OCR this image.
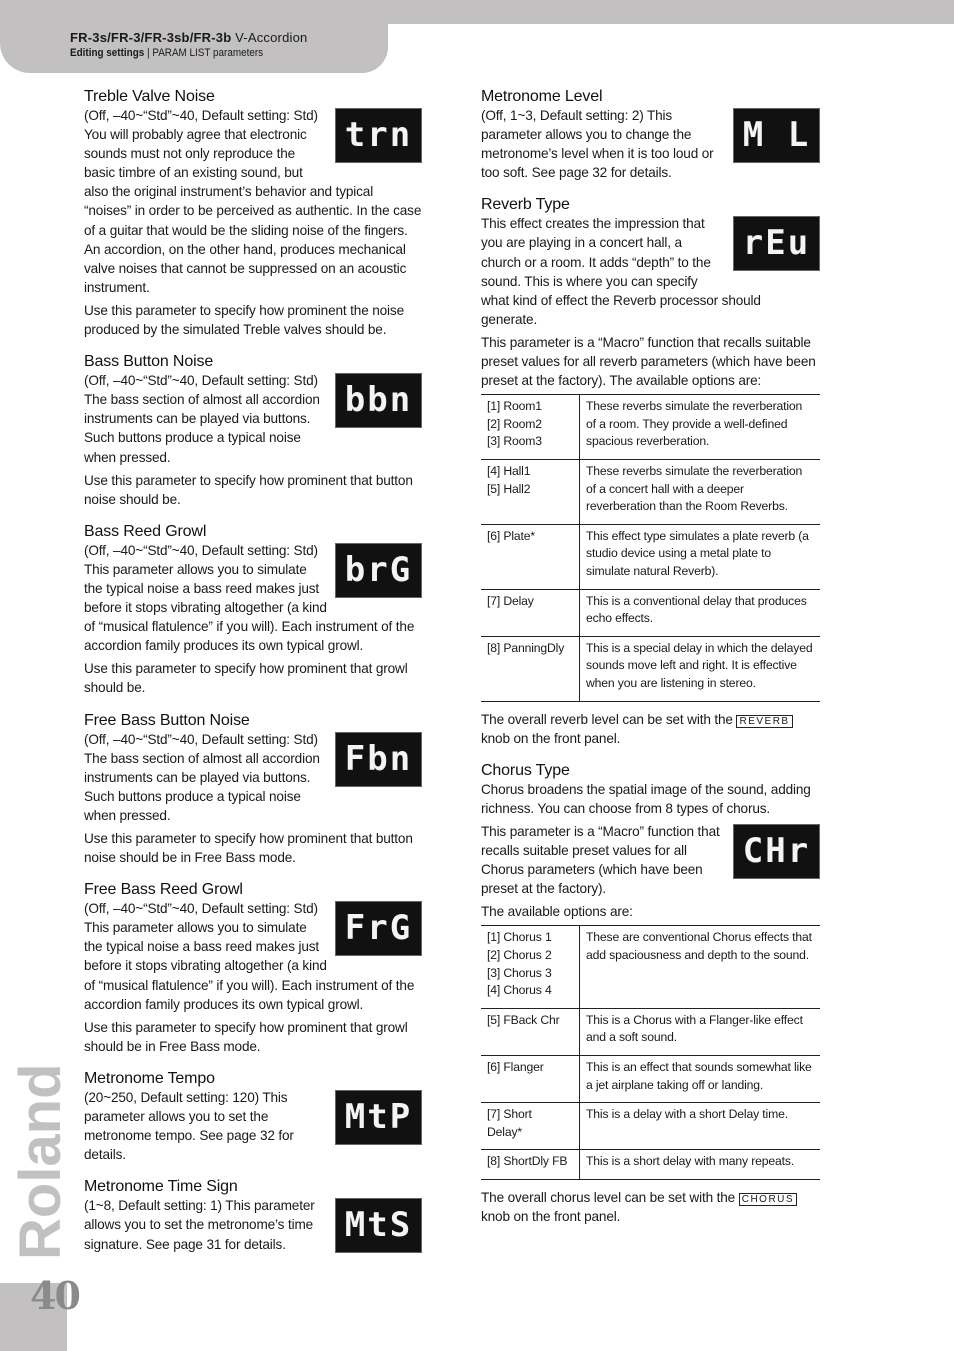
FR-3s/FR-3/FR-3sb/FR-3b V-Accordion
Editing settings | PARAM LIST parameters
Roland
40
Treble Valve Noise
trn

(Off, –40~“Std”~40, Default setting: Std) You will probably agree that electronic sounds must not only reproduce the basic timbre of an existing sound, but also the original instrument’s behavior and typical “noises” in order to be perceived as authentic. In the case of a guitar that would be the sliding noise of the fingers. An accordion, on the other hand, produces mechanical valve noises that cannot be suppressed on an acoustic instrument.

Use this parameter to specify how prominent the noise produced by the simulated Treble valves should be.

Bass Button Noise
bbn

(Off, –40~“Std”~40, Default setting: Std) The bass section of almost all accordion instruments can be played via buttons. Such buttons produce a typical noise when pressed.

Use this parameter to specify how prominent that button noise should be.

Bass Reed Growl
brG

(Off, –40~“Std”~40, Default setting: Std) This parameter allows you to simulate the typical noise a bass reed makes just before it stops vibrating altogether (a kind of “musical flatulence” if you will). Each instrument of the accordion family produces its own typical growl.

Use this parameter to specify how prominent that growl should be.

Free Bass Button Noise
Fbn

(Off, –40~“Std”~40, Default setting: Std) The bass section of almost all accordion instruments can be played via buttons. Such buttons produce a typical noise when pressed.

Use this parameter to specify how prominent that button noise should be in Free Bass mode.

Free Bass Reed Growl
FrG

(Off, –40~“Std”~40, Default setting: Std) This parameter allows you to simulate the typical noise a bass reed makes just before it stops vibrating altogether (a kind of “musical flatulence” if you will). Each instrument of the accordion family produces its own typical growl.

Use this parameter to specify how prominent that growl should be in Free Bass mode.

Metronome Tempo
MtP

(20~250, Default setting: 120) This parameter allows you to set the metronome tempo. See page 32 for details.

Metronome Time Sign
MtS

(1~8, Default setting: 1) This parameter allows you to set the metronome’s time signature. See page 31 for details.

Metronome Level
M L

(Off, 1~3, Default setting: 2) This parameter allows you to change the metronome’s level when it is too loud or too soft. See page 32 for details.

Reverb Type
rEu

This effect creates the impression that you are playing in a concert hall, a church or a room. It adds “depth” to the sound. This is where you can specify what kind of effect the Reverb processor should generate.

This parameter is a “Macro” function that recalls suitable preset values for all reverb parameters (which have been preset at the factory). The available options are:

[1] Room1
[2] Room2
[3] Room3	These reverbs simulate the reverberation of a room. They provide a well-defined spacious reverberation.
[4] Hall1
[5] Hall2	These reverbs simulate the reverberation of a concert hall with a deeper reverberation than the Room Reverbs.
[6] Plate*	This effect type simulates a plate reverb (a studio device using a metal plate to simulate natural Reverb).
[7] Delay	This is a conventional delay that produces echo effects.
[8] PanningDly	This is a special delay in which the delayed sounds move left and right. It is effective when you are listening in stereo.

The overall reverb level can be set with the REVERB
knob on the front panel.

Chorus Type

Chorus broadens the spatial image of the sound, adding richness. You can choose from 8 types of chorus.

CHr

This parameter is a “Macro” function that recalls suitable preset values for all Chorus parameters (which have been preset at the factory).

The available options are:

[1] Chorus 1
[2] Chorus 2
[3] Chorus 3
[4] Chorus 4	These are conventional Chorus effects that add spaciousness and depth to the sound.
[5] FBack Chr	This is a Chorus with a Flanger-like effect and a soft sound.
[6] Flanger	This is an effect that sounds somewhat like a jet airplane taking off or landing.
[7] Short
Delay*	This is a delay with a short Delay time.
[8] ShortDly FB	This is a short delay with many repeats.

The overall chorus level can be set with the CHORUS
knob on the front panel.
